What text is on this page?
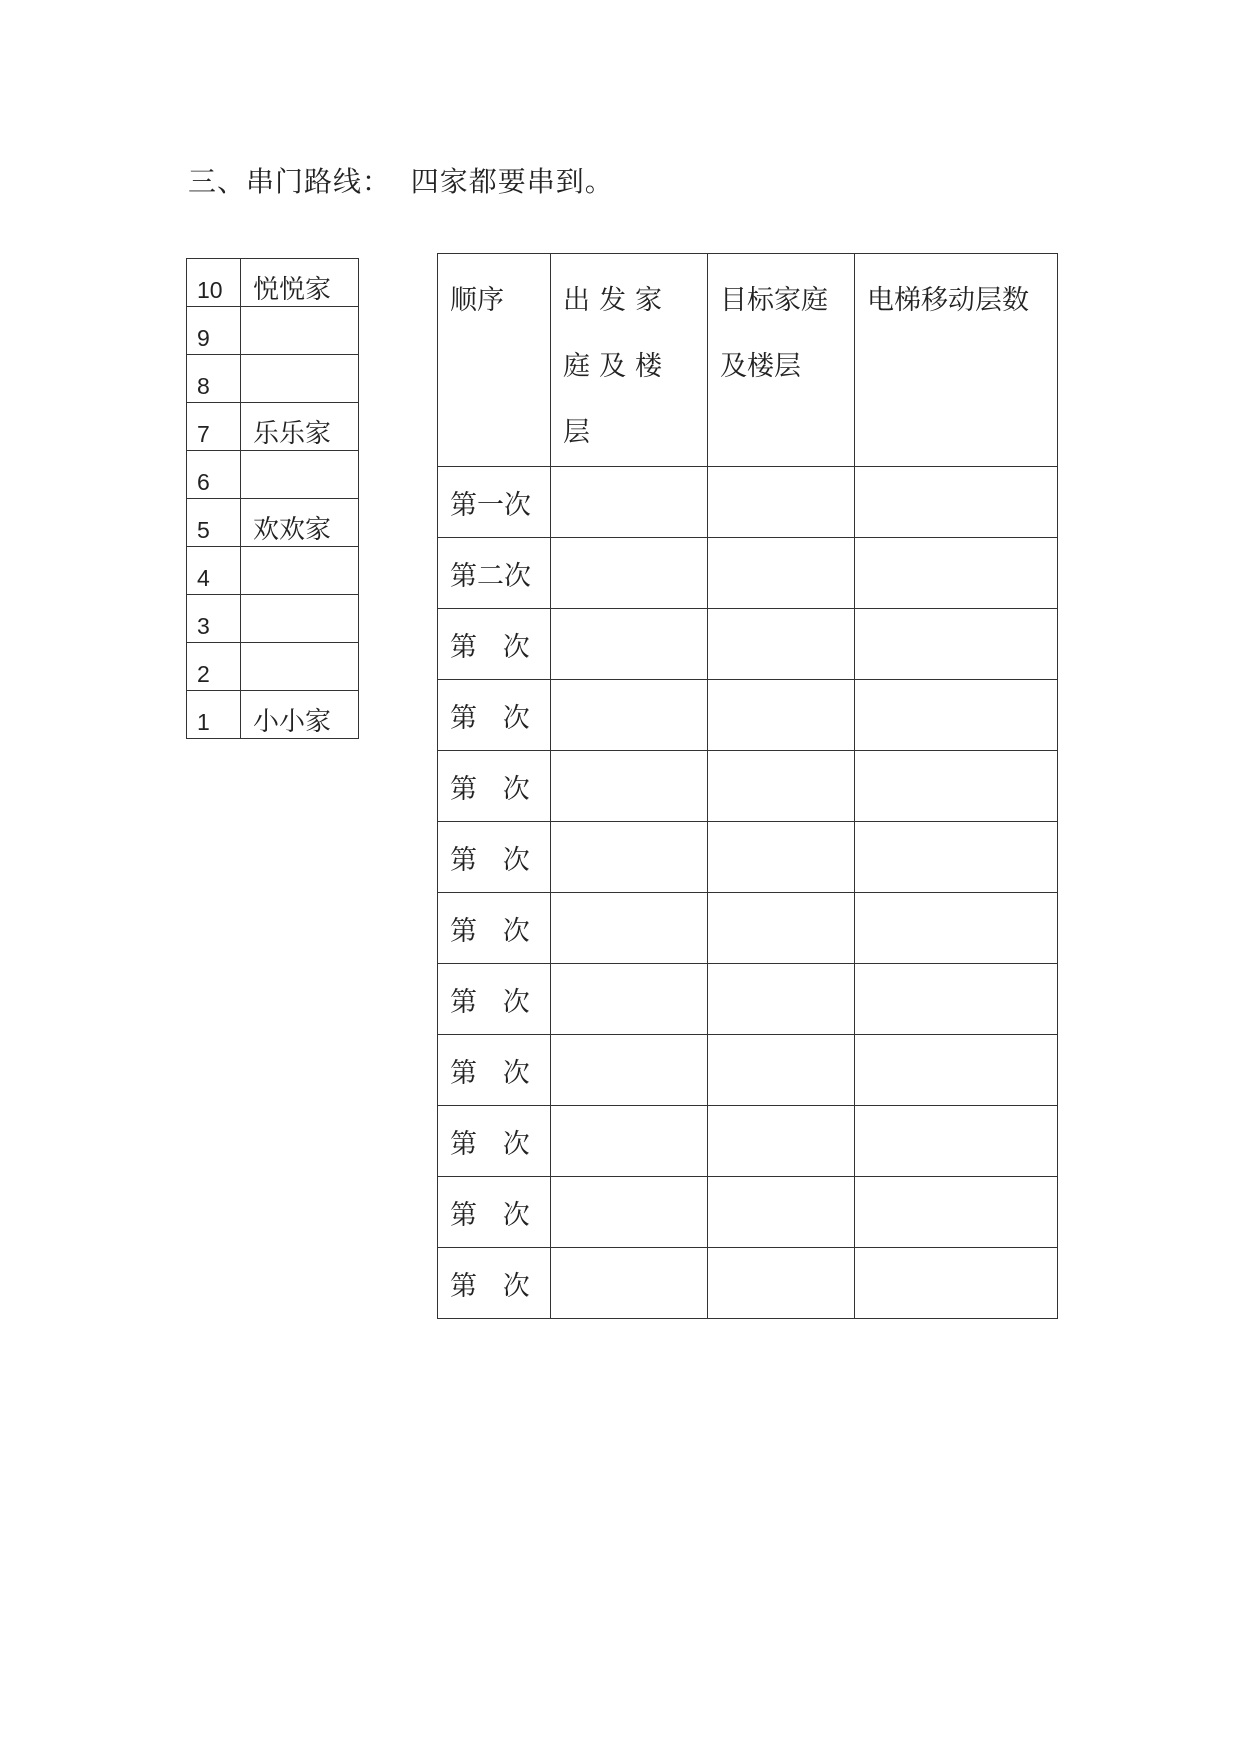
三、串门路线：  四家都要串到。
10	悦悦家
9	
8	
7	乐乐家
6	
5	欢欢家
4	
3	
2	
1	小小家
顺序	出发家庭及楼层	目标家庭及楼层	电梯移动层数
第一次			
第二次			
第   次			
第   次			
第   次			
第   次			
第   次			
第   次			
第   次			
第   次			
第   次			
第   次			
